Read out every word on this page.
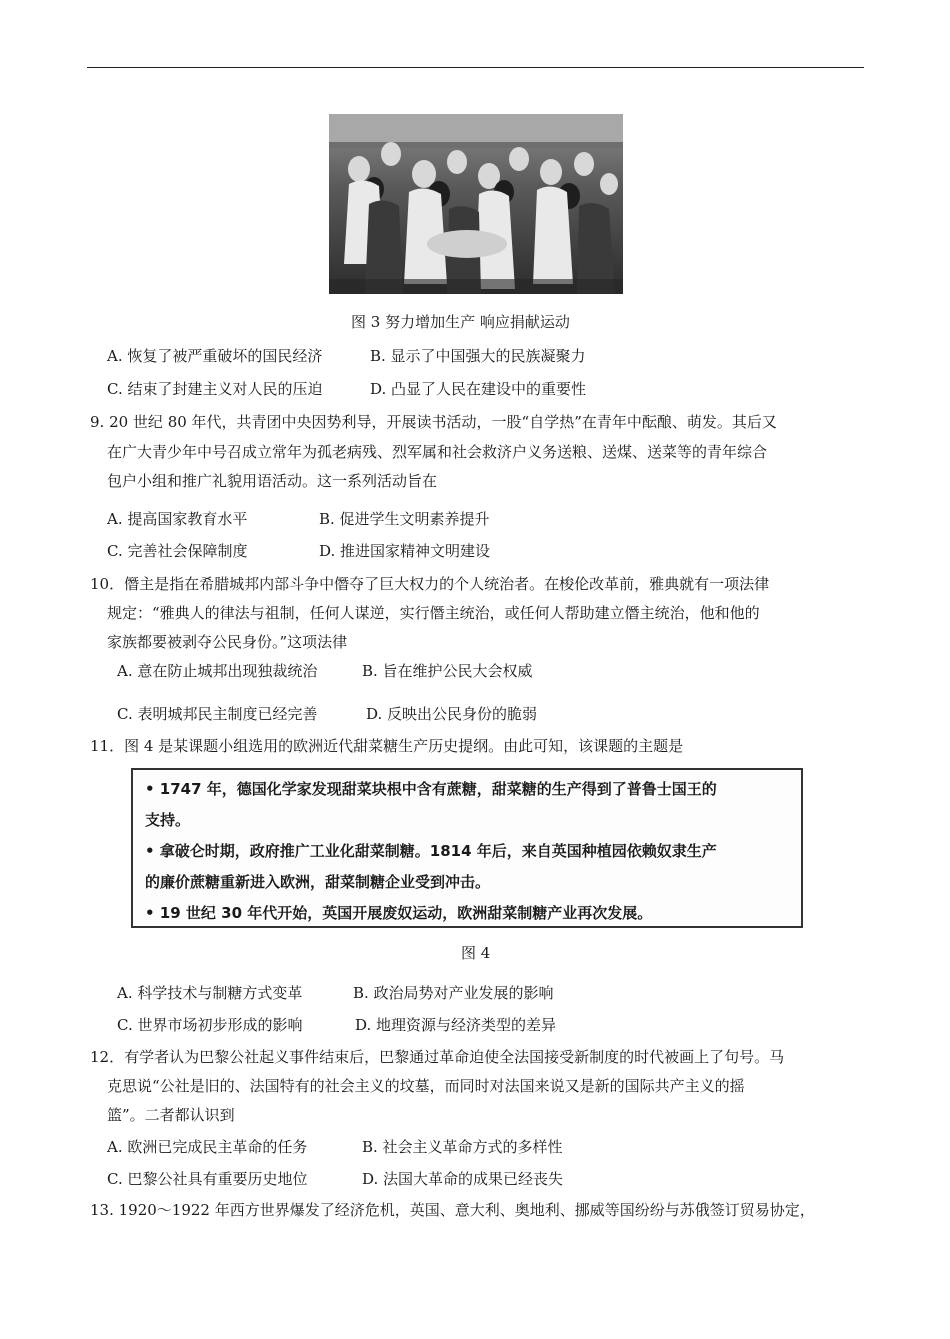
图 3 努力增加生产 响应捐献运动
A. 恢复了被严重破坏的国民经济	B. 显示了中国强大的民族凝聚力
C. 结束了封建主义对人民的压迫	D. 凸显了人民在建设中的重要性
9. 20 世纪 80 年代，共青团中央因势利导，开展读书活动，一股“自学热”在青年中酝酿、萌发。其后又
在广大青少年中号召成立常年为孤老病残、烈军属和社会救济户义务送粮、送煤、送菜等的青年综合
包户小组和推广礼貌用语活动。这一系列活动旨在
A. 提高国家教育水平	B. 促进学生文明素养提升
C. 完善社会保障制度	D. 推进国家精神文明建设
10．僭主是指在希腊城邦内部斗争中僭夺了巨大权力的个人统治者。在梭伦改革前，雅典就有一项法律
规定：“雅典人的律法与祖制，任何人谋逆，实行僭主统治，或任何人帮助建立僭主统治，他和他的
家族都要被剥夺公民身份。”这项法律
A. 意在防止城邦出现独裁统治	B. 旨在维护公民大会权威
C. 表明城邦民主制度已经完善	D. 反映出公民身份的脆弱
11．图 4 是某课题小组选用的欧洲近代甜菜糖生产历史提纲。由此可知，该课题的主题是
• 1747 年，德国化学家发现甜菜块根中含有蔗糖，甜菜糖的生产得到了普鲁士国王的
支持。
• 拿破仑时期，政府推广工业化甜菜制糖。1814 年后，来自英国种植园依赖奴隶生产
的廉价蔗糖重新进入欧洲，甜菜制糖企业受到冲击。
• 19 世纪 30 年代开始，英国开展废奴运动，欧洲甜菜制糖产业再次发展。
图 4
A. 科学技术与制糖方式变革	B. 政治局势对产业发展的影响
C. 世界市场初步形成的影响	D. 地理资源与经济类型的差异
12．有学者认为巴黎公社起义事件结束后，巴黎通过革命迫使全法国接受新制度的时代被画上了句号。马
克思说“公社是旧的、法国特有的社会主义的坟墓，而同时对法国来说又是新的国际共产主义的摇
篮”。二者都认识到
A. 欧洲已完成民主革命的任务	B. 社会主义革命方式的多样性
C. 巴黎公社具有重要历史地位	D. 法国大革命的成果已经丧失
13. 1920～1922 年西方世界爆发了经济危机，英国、意大利、奥地利、挪威等国纷纷与苏俄签订贸易协定，
